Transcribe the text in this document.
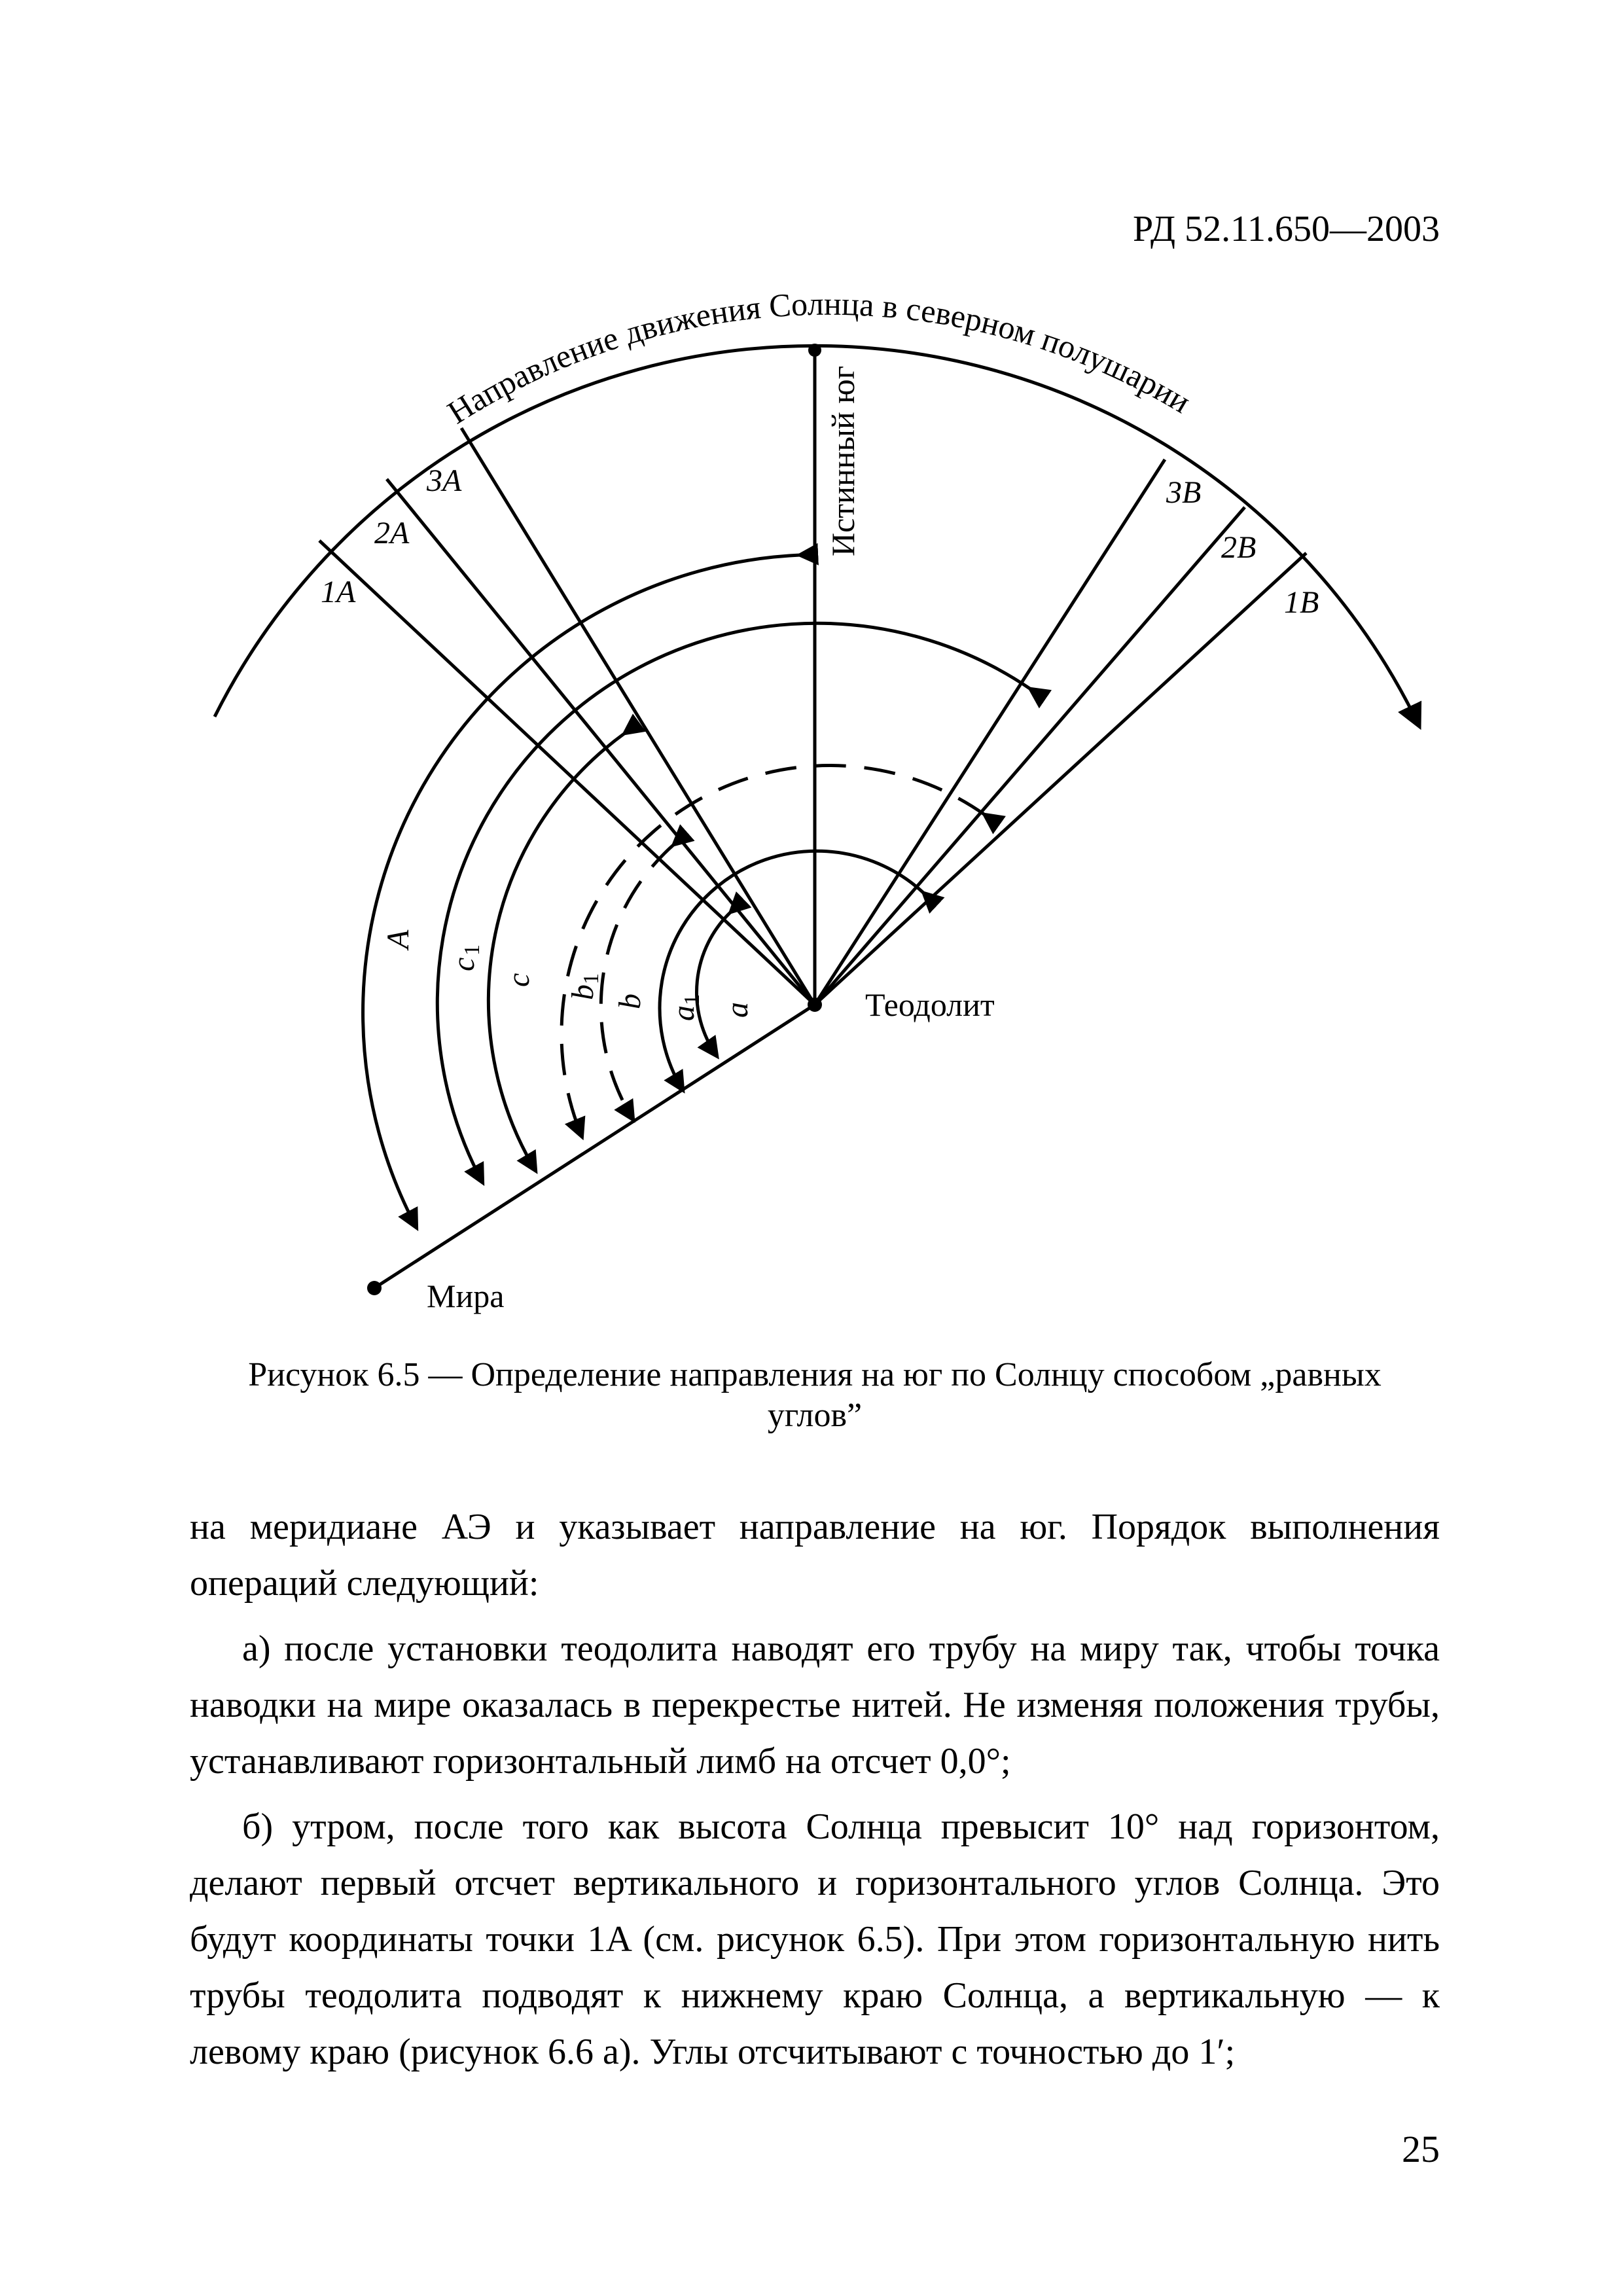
РД 52.11.650—2003
Направление движения Солнца в северном полушарии
Истинный юг
1A
2A
3A	3B
2B
1B
A
c
1
c
b
1
b
a
1
a	Теодолит
Мира
Рисунок 6.5 — Определение направления на юг по Солнцу способом „равных
углов”

на меридиане АЭ и указывает направление на юг. Порядок выполнения операций следующий:

а) после установки теодолита наводят его трубу на миру так, чтобы точка наводки на мире оказалась в перекрестье нитей. Не изменяя положения трубы, устанавливают горизонтальный лимб на отсчет 0,0°;

б) утром, после того как высота Солнца превысит 10° над горизонтом, делают первый отсчет вертикального и горизонтального углов Солнца. Это будут координаты точки 1A (см. рисунок 6.5). При этом горизонтальную нить трубы теодолита подводят к нижнему краю Солнца, а вертикальную — к левому краю (рисунок 6.6 а). Углы отсчитывают с точностью до 1′;

25
